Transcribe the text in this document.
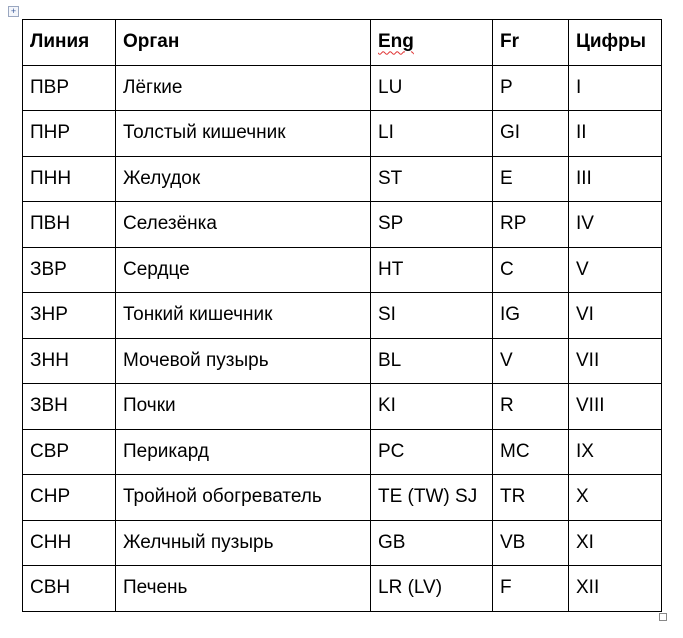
+
Линия	Орган	Eng	Fr	Цифры
ПВР	Лёгкие	LU	P	I
ПНР	Толстый кишечник	LI	GI	II
ПНН	Желудок	ST	E	III
ПВН	Селезёнка	SP	RP	IV
ЗВР	Сердце	HT	C	V
ЗНР	Тонкий кишечник	SI	IG	VI
ЗНН	Мочевой пузырь	BL	V	VII
ЗВН	Почки	KI	R	VIII
СВР	Перикард	PC	MC	IX
СНР	Тройной обогреватель	TE (TW) SJ	TR	X
СНН	Желчный пузырь	GB	VB	XI
СВН	Печень	LR (LV)	F	XII
